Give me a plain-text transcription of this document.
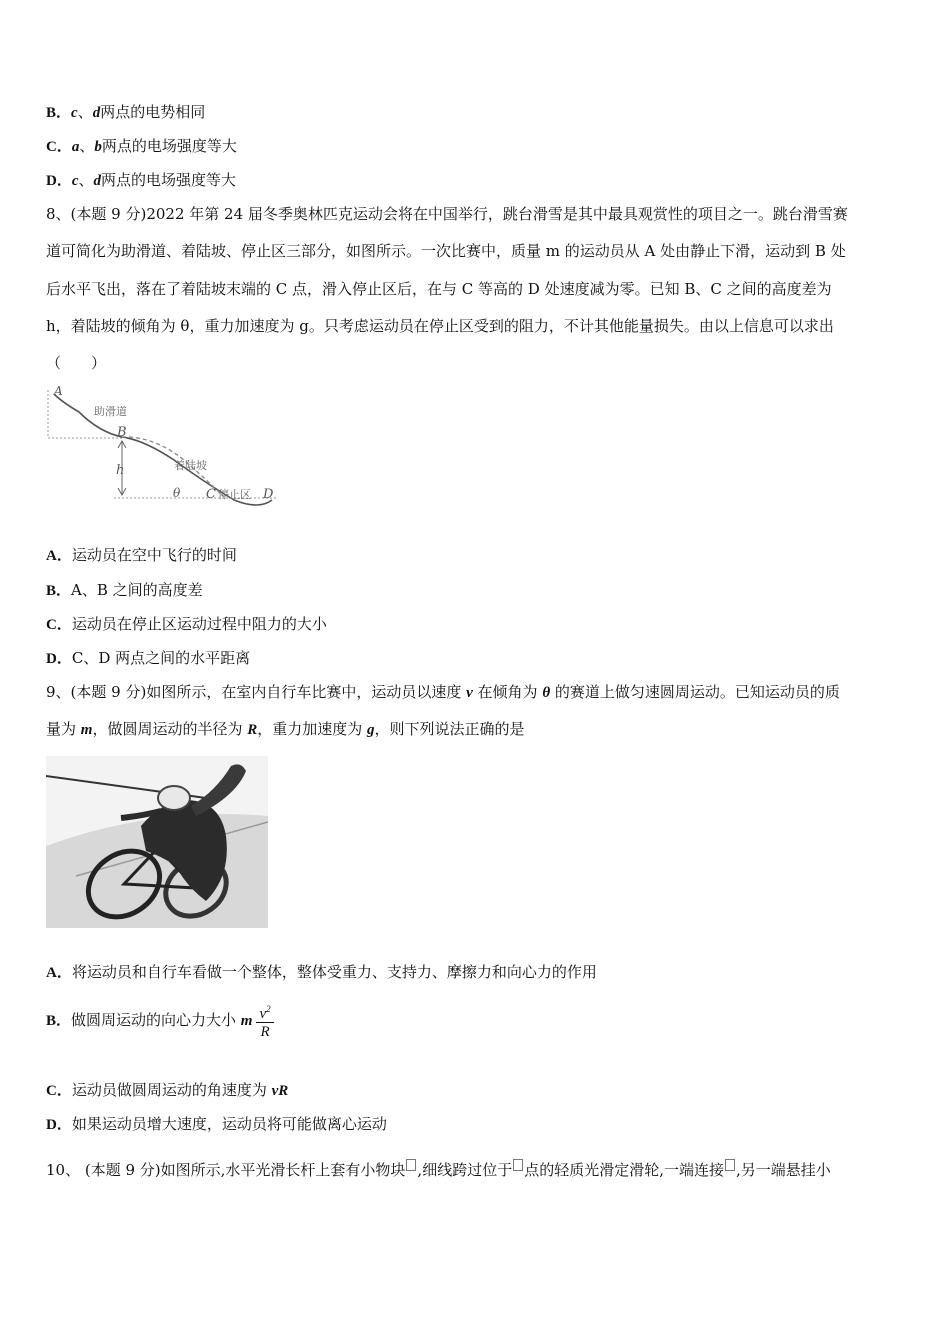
B．c、d两点的电势相同
C．a、b两点的电场强度等大
D．c、d两点的电场强度等大
8、(本题 9 分)2022 年第 24 届冬季奥林匹克运动会将在中国举行，跳台滑雪是其中最具观赏性的项目之一。跳台滑雪赛
道可简化为助滑道、着陆坡、停止区三部分，如图所示。一次比赛中，质量 m 的运动员从 A 处由静止下滑，运动到 B 处
后水平飞出，落在了着陆坡末端的 C 点，滑入停止区后，在与 C 等高的 D 处速度减为零。已知 B、C 之间的高度差为
h，着陆坡的倾角为 θ，重力加速度为 g。只考虑运动员在停止区受到的阻力，不计其他能量损失。由以上信息可以求出
（　　）
A
助滑道
B
h	着陆坡
θ C 停止区 D
A．运动员在空中飞行的时间
B．A、B 之间的高度差
C．运动员在停止区运动过程中阻力的大小
D．C、D 两点之间的水平距离
9、(本题 9 分)如图所示，在室内自行车比赛中，运动员以速度 v 在倾角为 θ 的赛道上做匀速圆周运动。已知运动员的质
量为 m，做圆周运动的半径为 R，重力加速度为 g，则下列说法正确的是
A．将运动员和自行车看做一个整体，整体受重力、支持力、摩擦力和向心力的作用
B．做圆周运动的向心力大小 m $\frac{v^2}{R}$
C．运动员做圆周运动的角速度为 vR
D．如果运动员增大速度，运动员将可能做离心运动
10、 (本题 9 分)如图所示,水平光滑长杆上套有小物块 ,细线跨过位于 点的轻质光滑定滑轮,一端连接 ,另一端悬挂小
